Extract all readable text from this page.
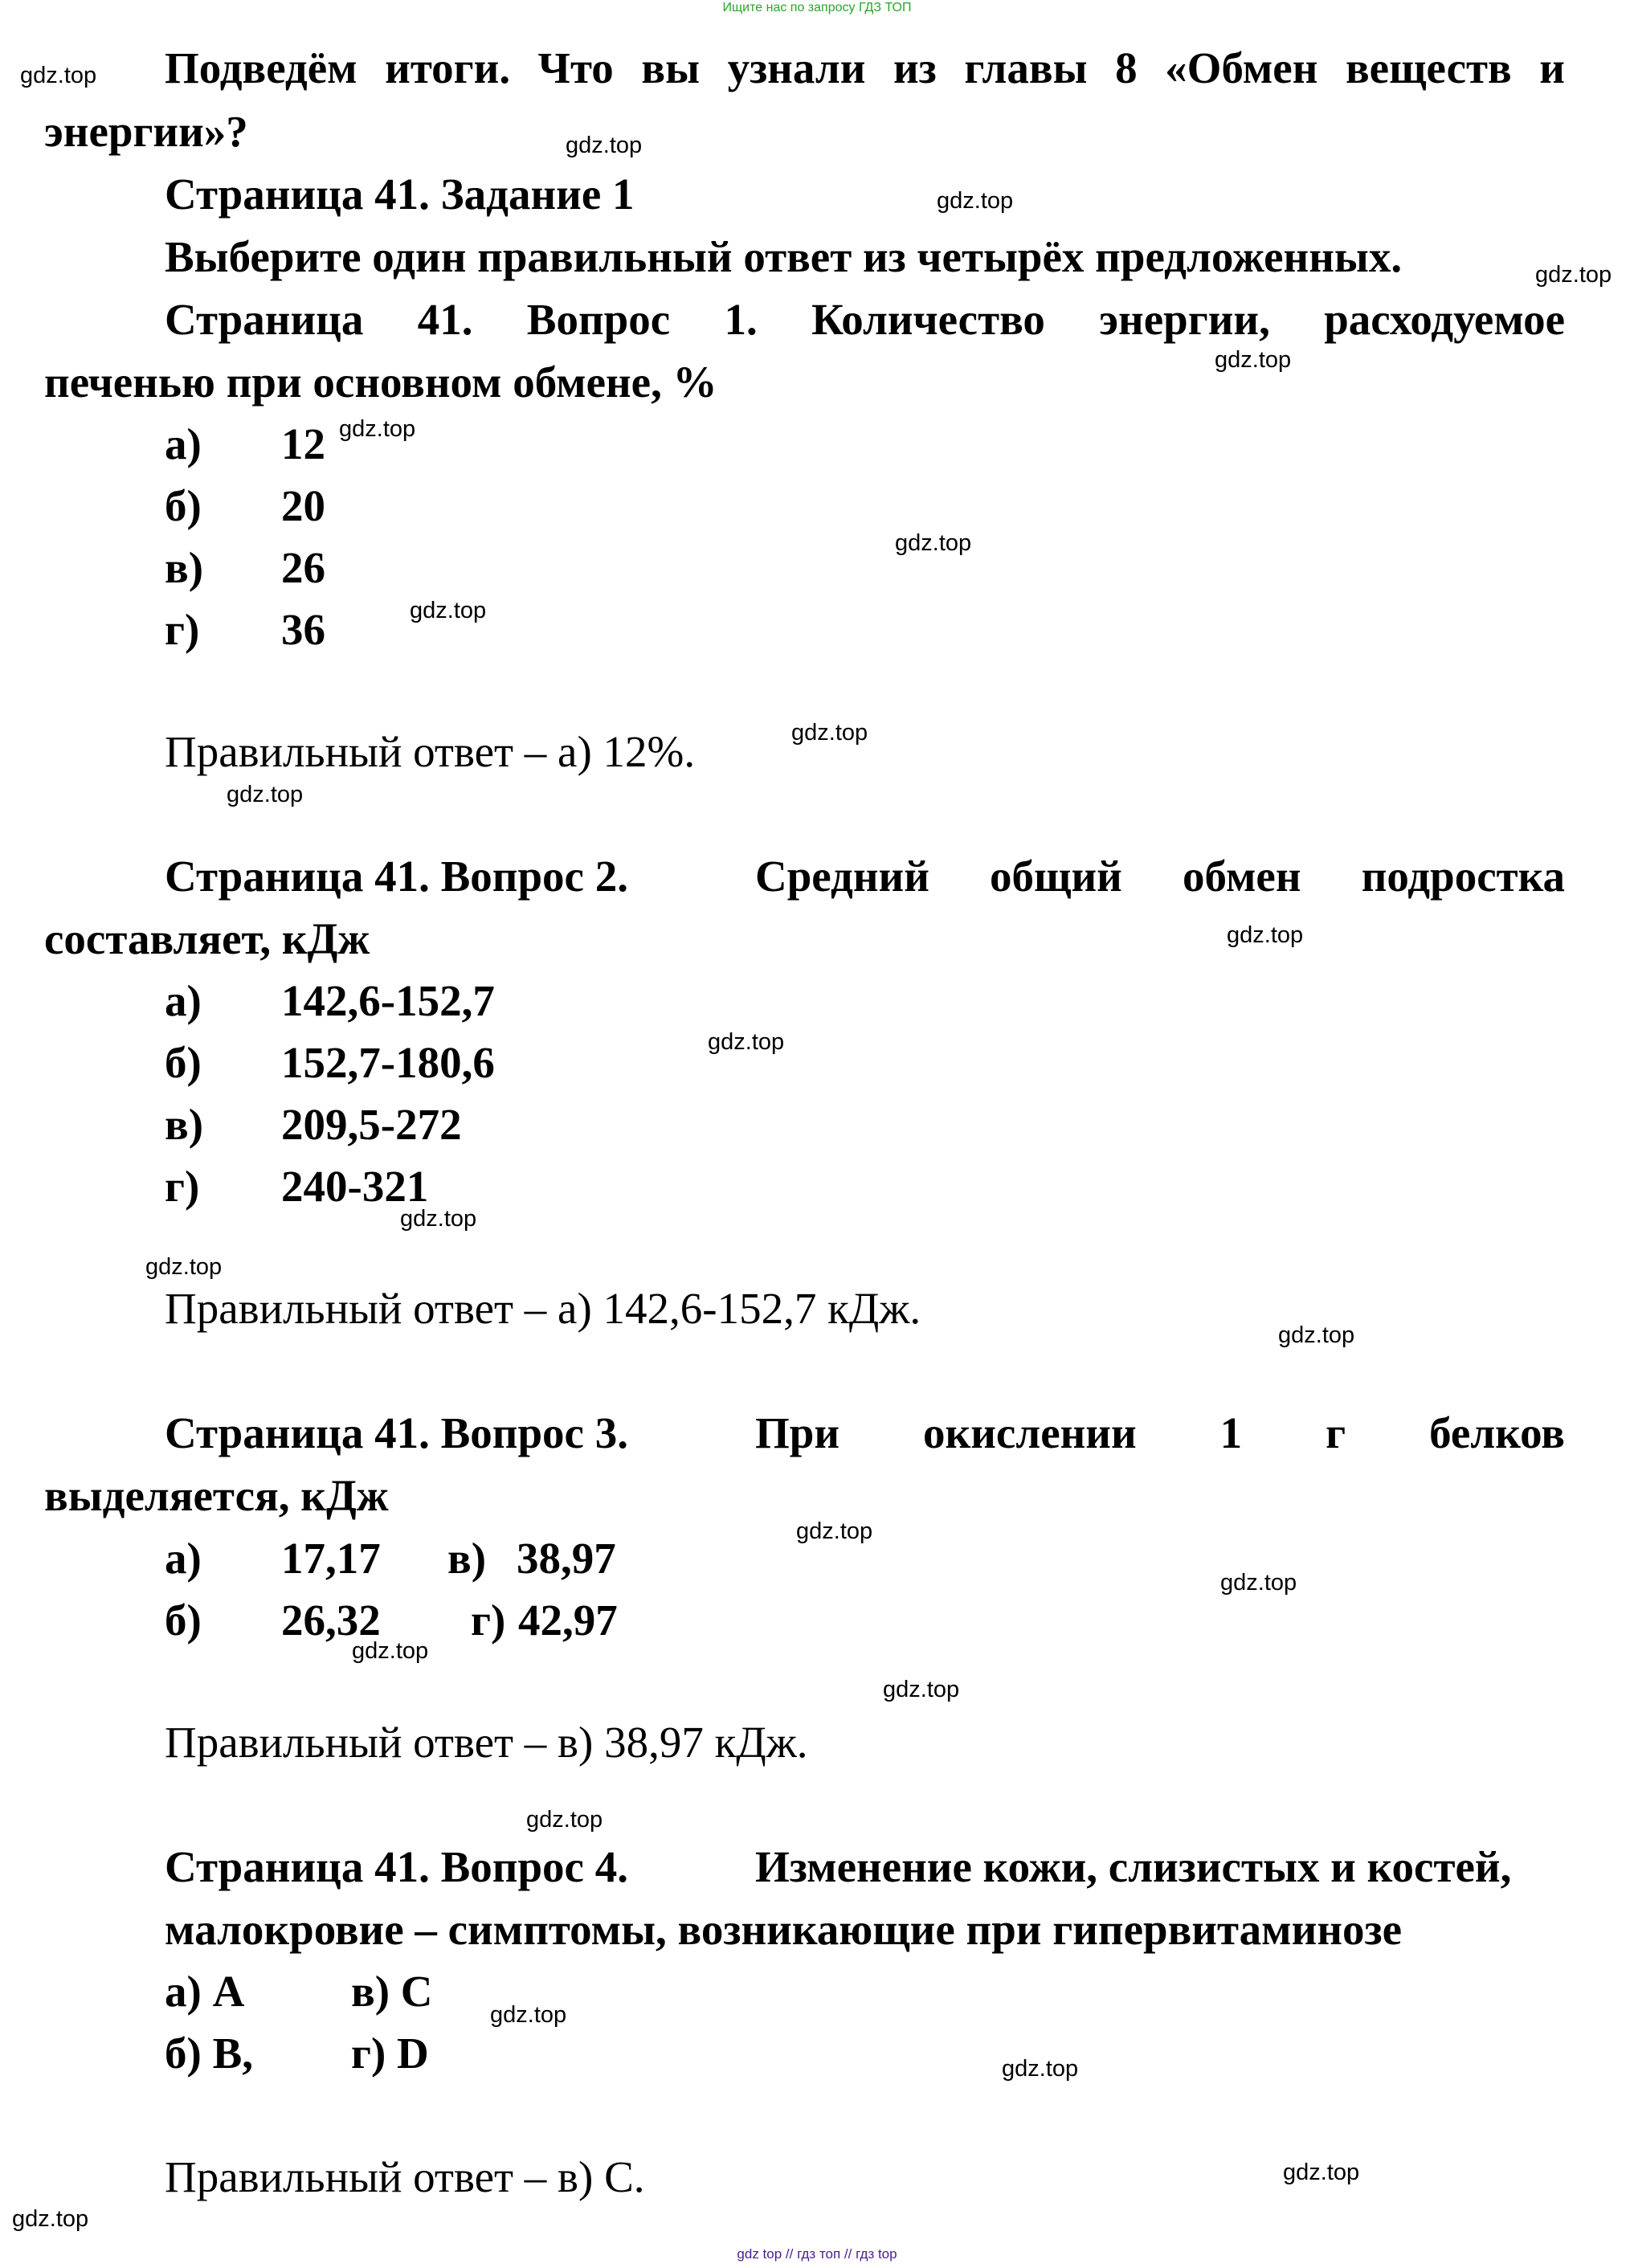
Ищите нас по запросу ГДЗ ТОП
Подведём итоги. Что вы узнали из главы 8 «Обмен веществ и
энергии»?
Страница 41. Задание 1
Выберите один правильный ответ из четырёх предложенных.
Страница 41. Вопрос 1. Количество энергии, расходуемое
печенью при основном обмене, %
а) 12
б) 20
в) 26
г) 36
Правильный ответ – а) 12%.
Страница 41. Вопрос 2.	Средний общий обмен подростка
составляет, кДж
а) 142,6-152,7
б) 152,7-180,6
в) 209,5-272
г) 240-321
Правильный ответ – а) 142,6-152,7 кДж.
Страница 41. Вопрос 3.	При окислении 1 г белков
выделяется, кДж
а) 17,17 в) 38,97
б) 26,32 г) 42,97
Правильный ответ – в) 38,97 кДж.
Страница 41. Вопрос 4.	Изменение кожи, слизистых и костей,
малокровие – симптомы, возникающие при гипервитаминозе
а) А в) С
б) В, г) D
Правильный ответ – в) С.
gdz.top
gdz.top
gdz.top
gdz.top
gdz.top
gdz.top
gdz.top
gdz.top
gdz.top
gdz.top
gdz.top
gdz.top
gdz.top
gdz.top
gdz.top
gdz.top
gdz.top
gdz.top
gdz.top
gdz.top
gdz.top
gdz.top
gdz.top
gdz.top
gdz top // гдз топ // гдз top
